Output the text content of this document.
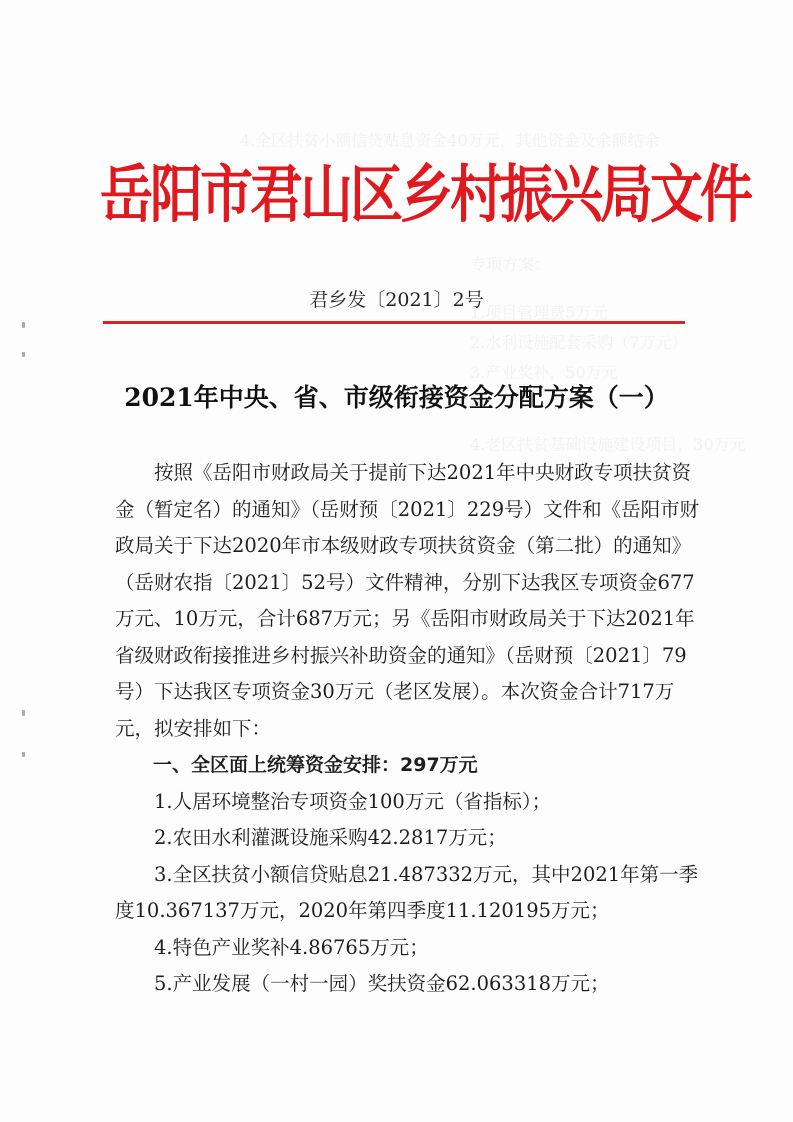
4.全区扶贫小额信贷贴息资金40万元，其他资金及余额结余
专项方案：
1.项目管理费5万元
2.水利设施配套采购（7万元）
3.产业奖补，50万元
4.老区扶贫基础设施建设项目，30万元
岳阳市君山区乡村振兴局文件
君乡发〔2021〕2号
2021年中央、省、市级衔接资金分配方案（一）

按照《岳阳市财政局关于提前下达2021年中央财政专项扶贫资金（暂定名）的通知》（岳财预〔2021〕229号）文件和《岳阳市财政局关于下达2020年市本级财政专项扶贫资金（第二批）的通知》（岳财农指〔2021〕52号）文件精神，分别下达我区专项资金677万元、10万元，合计687万元；另《岳阳市财政局关于下达2021年省级财政衔接推进乡村振兴补助资金的通知》（岳财预〔2021〕79号）下达我区专项资金30万元（老区发展）。本次资金合计717万元，拟安排如下：

一、全区面上统筹资金安排：297万元

1.人居环境整治专项资金100万元（省指标）；

2.农田水利灌溉设施采购42.2817万元；

3.全区扶贫小额信贷贴息21.487332万元，其中2021年第一季度10.367137万元，2020年第四季度11.120195万元；

4.特色产业奖补4.86765万元；

5.产业发展（一村一园）奖扶资金62.063318万元；
